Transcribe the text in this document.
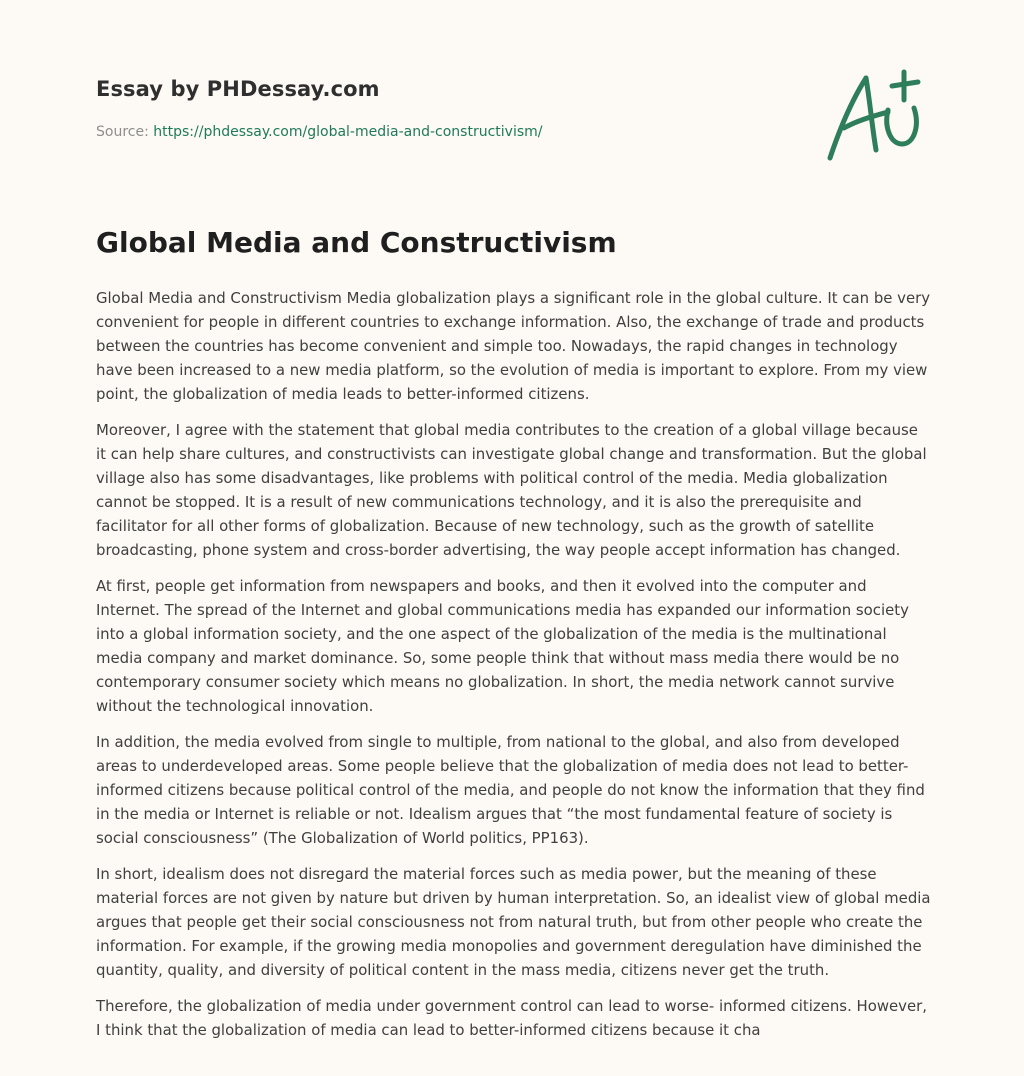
Essay by PHDessay.com
Source: https://phdessay.com/global-media-and-constructivism/
Global Media and Constructivism

Global Media and Constructivism Media globalization plays a significant role in the global culture. It can be very convenient for people in different countries to exchange information. Also, the exchange of trade and products between the countries has become convenient and simple too. Nowadays, the rapid changes in technology have been increased to a new media platform, so the evolution of media is important to explore. From my view point, the globalization of media leads to better-informed citizens.

Moreover, I agree with the statement that global media contributes to the creation of a global village because it can help share cultures, and constructivists can investigate global change and transformation. But the global village also has some disadvantages, like problems with political control of the media. Media globalization cannot be stopped. It is a result of new communications technology, and it is also the prerequisite and facilitator for all other forms of globalization. Because of new technology, such as the growth of satellite broadcasting, phone system and cross-border advertising, the way people accept information has changed.

At first, people get information from newspapers and books, and then it evolved into the computer and Internet. The spread of the Internet and global communications media has expanded our information society into a global information society, and the one aspect of the globalization of the media is the multinational media company and market dominance. So, some people think that without mass media there would be no contemporary consumer society which means no globalization. In short, the media network cannot survive without the technological innovation.

In addition, the media evolved from single to multiple, from national to the global, and also from developed areas to underdeveloped areas. Some people believe that the globalization of media does not lead to better- informed citizens because political control of the media, and people do not know the information that they find in the media or Internet is reliable or not. Idealism argues that “the most fundamental feature of society is social consciousness” (The Globalization of World politics, PP163).

In short, idealism does not disregard the material forces such as media power, but the meaning of these material forces are not given by nature but driven by human interpretation. So, an idealist view of global media argues that people get their social consciousness not from natural truth, but from other people who create the information. For example, if the growing media monopolies and government deregulation have diminished the quantity, quality, and diversity of political content in the mass media, citizens never get the truth.

Therefore, the globalization of media under government control can lead to worse- informed citizens. However, I think that the globalization of media can lead to better-informed citizens because it cha
